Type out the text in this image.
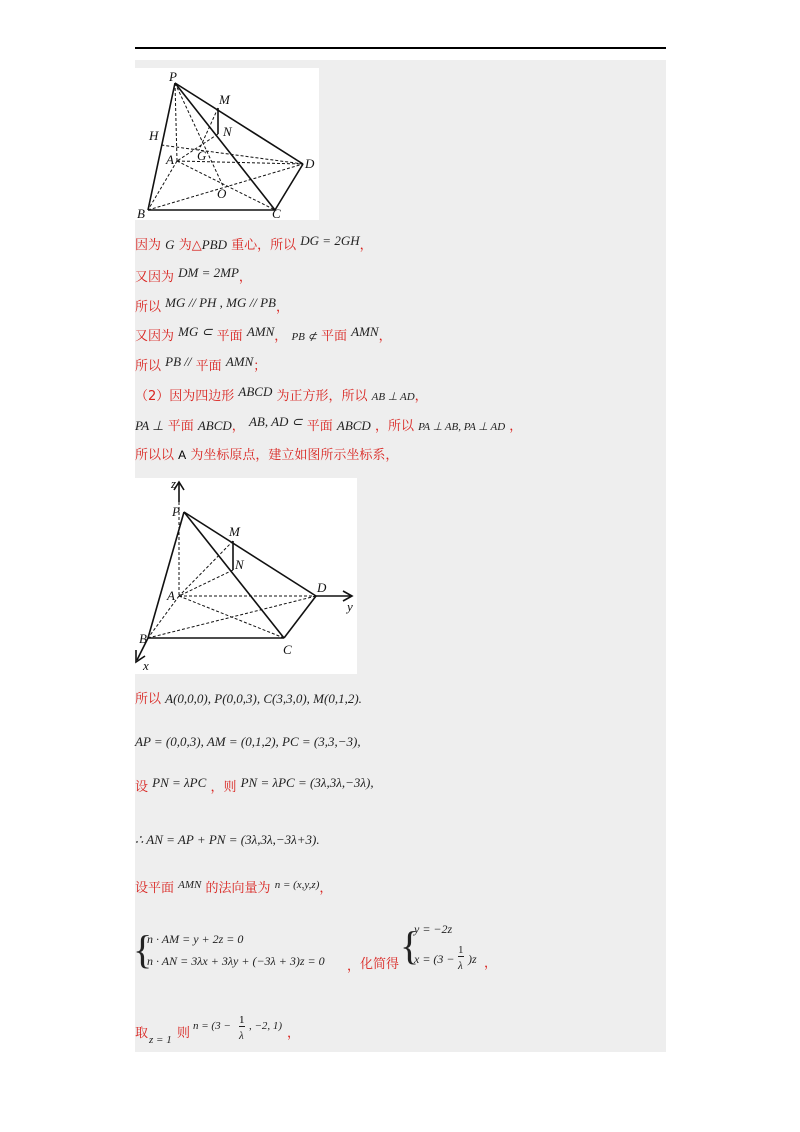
P
M
H	N
A G
D
O
B	C
因为 G 为△PBD 重心，所以 DG = 2GH，
又因为 DM = 2MP，
所以 MG // PH , MG // PB，
又因为 MG ⊂ 平面 AMN， PB ⊄ 平面 AMN，
所以 PB // 平面 AMN；
（2）因为四边形 ABCD 为正方形，所以 AB ⊥ AD，
PA ⊥ 平面 ABCD， AB, AD ⊂ 平面 ABCD ，所以 PA ⊥ AB, PA ⊥ AD ，
所以以 A 为坐标原点，建立如图所示坐标系，
z
P
M
N
A
D
y
B
C
x
所以 A(0,0,0), P(0,0,3), C(3,3,0), M(0,1,2).
AP = (0,0,3), AM = (0,1,2), PC = (3,3,−3),
设 PN = λPC ，则 PN = λPC = (3λ,3λ,−3λ),
∴ AN = AP + PN = (3λ,3λ,−3λ+3).
设平面 $^{AMN}$ 的法向量为 $^{n = (x,y,z)}$，
{
n · AM = y + 2z = 0
n · AN = 3λx + 3λy + (−3λ + 3)z = 0 ， 化简得 {
y = −2z
x = (3 −
1
λ )z ，
取 z = 1 则 n = (3 − 1
λ
, −2, 1) ，
